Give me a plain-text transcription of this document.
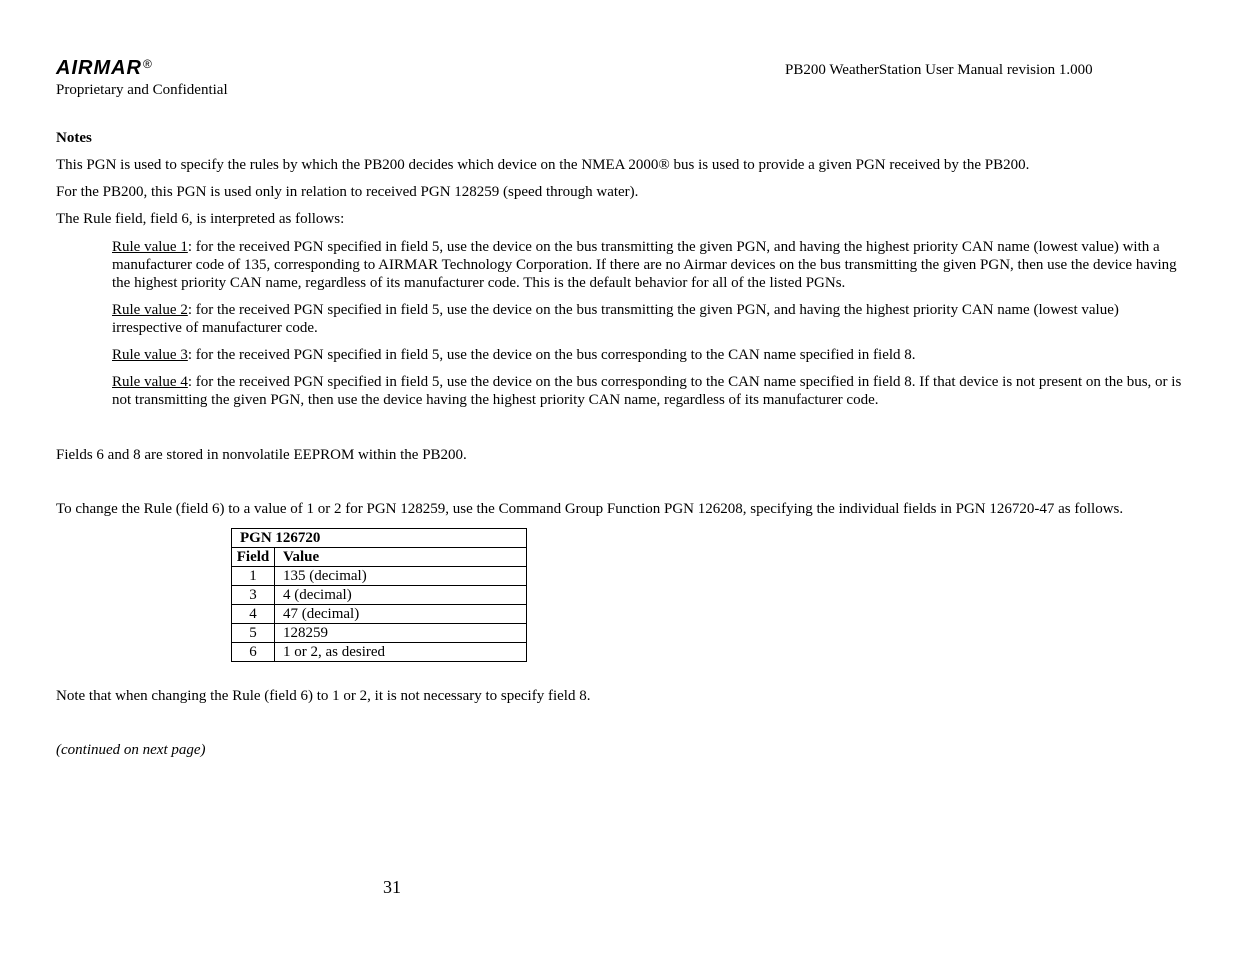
AIRMAR®
Proprietary and Confidential
PB200 WeatherStation User Manual revision 1.000
Notes
This PGN is used to specify the rules by which the PB200 decides which device on the NMEA 2000® bus is used to provide a given PGN received by the PB200.
For the PB200, this PGN is used only in relation to received PGN 128259 (speed through water).
The Rule field, field 6, is interpreted as follows:
Rule value 1: for the received PGN specified in field 5, use the device on the bus transmitting the given PGN, and having the highest priority CAN name (lowest value) with a manufacturer code of 135, corresponding to AIRMAR Technology Corporation. If there are no Airmar devices on the bus transmitting the given PGN, then use the device having the highest priority CAN name, regardless of its manufacturer code. This is the default behavior for all of the listed PGNs.
Rule value 2: for the received PGN specified in field 5, use the device on the bus transmitting the given PGN, and having the highest priority CAN name (lowest value) irrespective of manufacturer code.
Rule value 3: for the received PGN specified in field 5, use the device on the bus corresponding to the CAN name specified in field 8.
Rule value 4: for the received PGN specified in field 5, use the device on the bus corresponding to the CAN name specified in field 8. If that device is not present on the bus, or is not transmitting the given PGN, then use the device having the highest priority CAN name, regardless of its manufacturer code.
Fields 6 and 8 are stored in nonvolatile EEPROM within the PB200.
To change the Rule (field 6) to a value of 1 or 2 for PGN 128259, use the Command Group Function PGN 126208, specifying the individual fields in PGN 126720-47 as follows.
PGN 126720	
Field	Value
1	135 (decimal)
3	4 (decimal)
4	47 (decimal)
5	128259
6	1 or 2, as desired
Note that when changing the Rule (field 6) to 1 or 2, it is not necessary to specify field 8.
(continued on next page)
31
